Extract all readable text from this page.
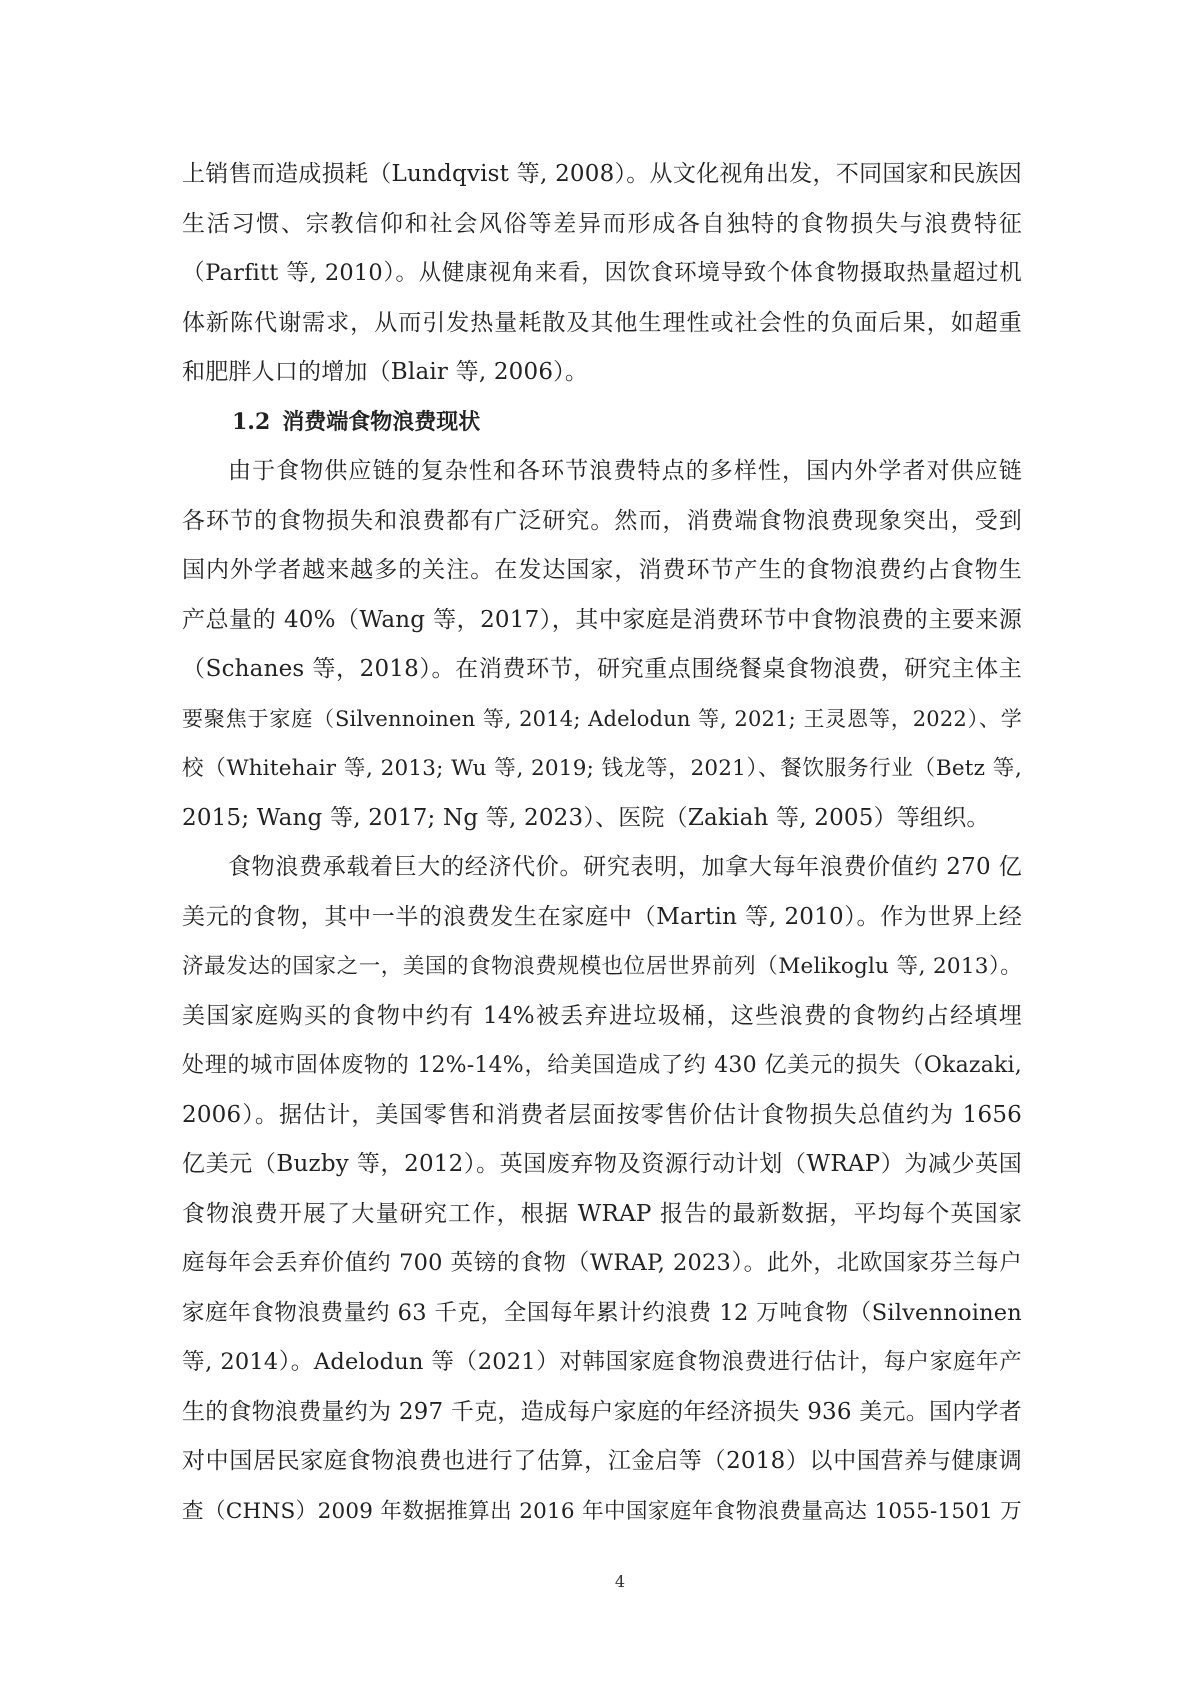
上销售而造成损耗（Lundqvist 等, 2008）。从文化视角出发，不同国家和民族因
生活习惯、宗教信仰和社会风俗等差异而形成各自独特的食物损失与浪费特征
（Parfitt 等, 2010）。从健康视角来看，因饮食环境导致个体食物摄取热量超过机
体新陈代谢需求，从而引发热量耗散及其他生理性或社会性的负面后果，如超重
和肥胖人口的增加（Blair 等, 2006）。
1.2 消费端食物浪费现状
由于食物供应链的复杂性和各环节浪费特点的多样性，国内外学者对供应链
各环节的食物损失和浪费都有广泛研究。然而，消费端食物浪费现象突出，受到
国内外学者越来越多的关注。在发达国家，消费环节产生的食物浪费约占食物生
产总量的 40%（Wang 等，2017），其中家庭是消费环节中食物浪费的主要来源
（Schanes 等，2018）。在消费环节，研究重点围绕餐桌食物浪费，研究主体主
要聚焦于家庭（Silvennoinen 等, 2014; Adelodun 等, 2021; 王灵恩等，2022）、学
校（Whitehair 等, 2013; Wu 等, 2019; 钱龙等，2021）、餐饮服务行业（Betz 等,
2015; Wang 等, 2017; Ng 等, 2023）、医院（Zakiah 等, 2005）等组织。
食物浪费承载着巨大的经济代价。研究表明，加拿大每年浪费价值约 270 亿
美元的食物，其中一半的浪费发生在家庭中（Martin 等, 2010）。作为世界上经
济最发达的国家之一，美国的食物浪费规模也位居世界前列（Melikoglu 等, 2013）。
美国家庭购买的食物中约有 14%被丢弃进垃圾桶，这些浪费的食物约占经填埋
处理的城市固体废物的 12%-14%，给美国造成了约 430 亿美元的损失（Okazaki,
2006）。据估计，美国零售和消费者层面按零售价估计食物损失总值约为 1656
亿美元（Buzby 等，2012）。英国废弃物及资源行动计划（WRAP）为减少英国
食物浪费开展了大量研究工作，根据 WRAP 报告的最新数据，平均每个英国家
庭每年会丢弃价值约 700 英镑的食物（WRAP, 2023）。此外，北欧国家芬兰每户
家庭年食物浪费量约 63 千克，全国每年累计约浪费 12 万吨食物（Silvennoinen
等, 2014）。Adelodun 等（2021）对韩国家庭食物浪费进行估计，每户家庭年产
生的食物浪费量约为 297 千克，造成每户家庭的年经济损失 936 美元。国内学者
对中国居民家庭食物浪费也进行了估算，江金启等（2018）以中国营养与健康调
查（CHNS）2009 年数据推算出 2016 年中国家庭年食物浪费量高达 1055-1501 万
4
